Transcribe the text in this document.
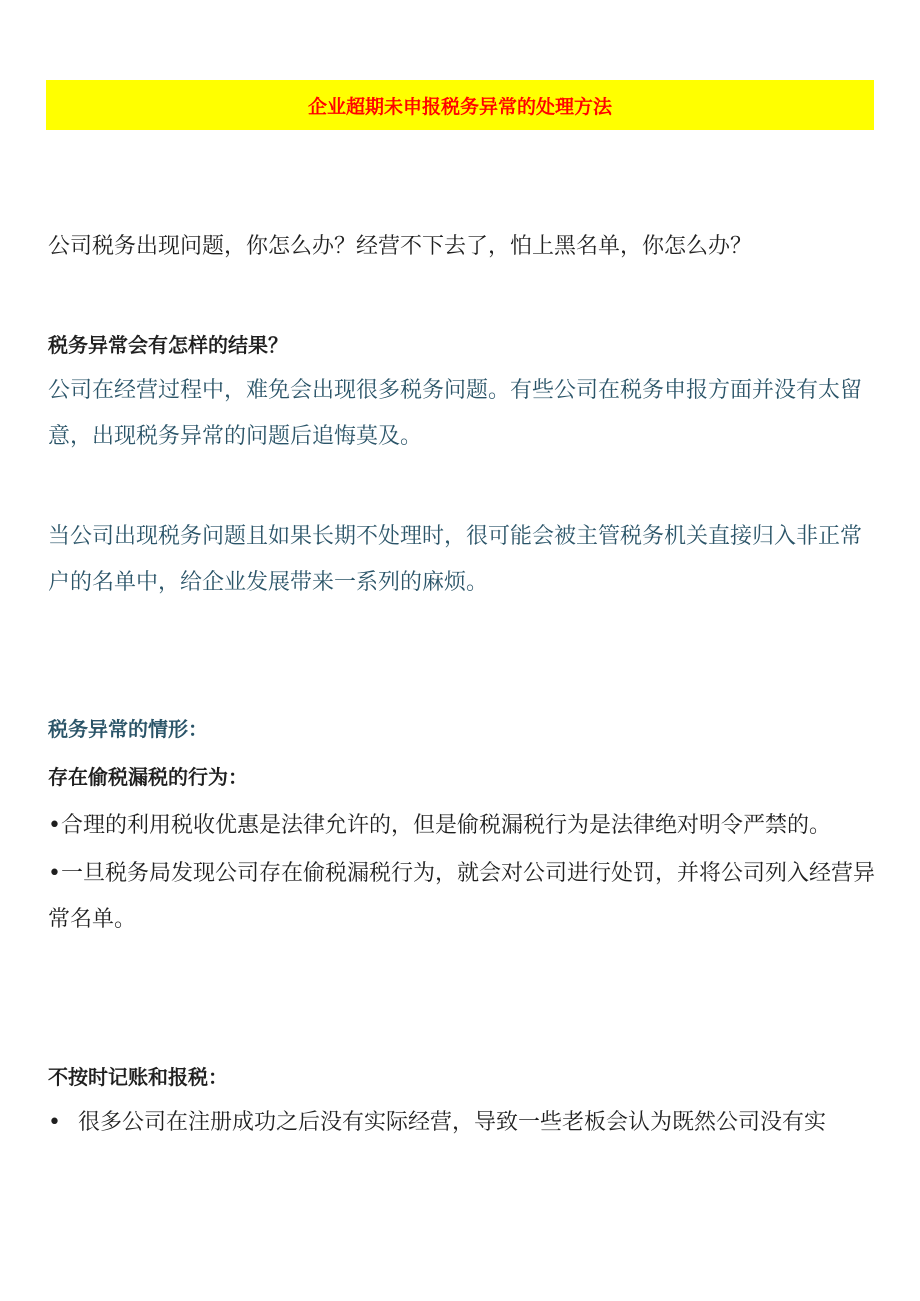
企业超期未申报税务异常的处理方法

公司税务出现问题，你怎么办？经营不下去了，怕上黑名单，你怎么办？

税务异常会有怎样的结果？

公司在经营过程中，难免会出现很多税务问题。有些公司在税务申报方面并没有太留意，出现税务异常的问题后追悔莫及。

当公司出现税务问题且如果长期不处理时，很可能会被主管税务机关直接归入非正常户的名单中，给企业发展带来一系列的麻烦。

税务异常的情形：

存在偷税漏税的行为：

•合理的利用税收优惠是法律允许的，但是偷税漏税行为是法律绝对明令严禁的。

•一旦税务局发现公司存在偷税漏税行为，就会对公司进行处罚，并将公司列入经营异常名单。

不按时记账和报税：

• 很多公司在注册成功之后没有实际经营，导致一些老板会认为既然公司没有实
